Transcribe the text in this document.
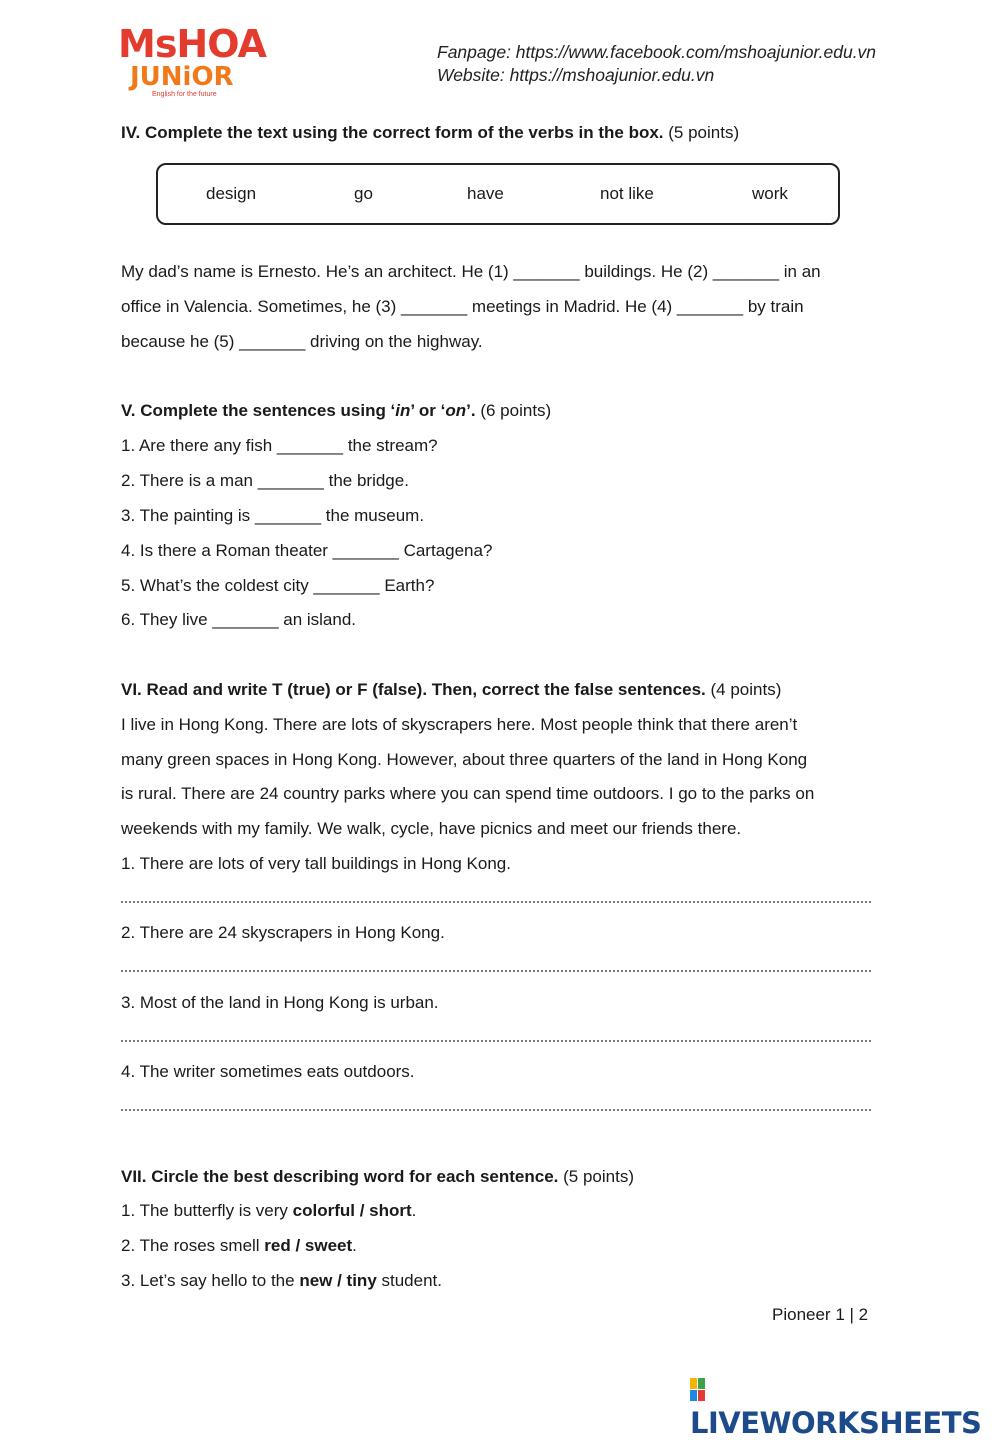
MsHOA
JUNiOR
English for the future
Fanpage: https://www.facebook.com/mshoajunior.edu.vn
Website: https://mshoajunior.edu.vn
IV. Complete the text using the correct form of the verbs in the box. (5 points)
design	go	have	not like	work
My dad’s name is Ernesto. He’s an architect. He (1) _______ buildings. He (2) _______ in an
office in Valencia. Sometimes, he (3) _______ meetings in Madrid. He (4) _______ by train
because he (5) _______ driving on the highway.
V. Complete the sentences using ‘in’ or ‘on’. (6 points)
1. Are there any fish _______ the stream?
2. There is a man _______ the bridge.
3. The painting is _______ the museum.
4. Is there a Roman theater _______ Cartagena?
5. What’s the coldest city _______ Earth?
6. They live _______ an island.
VI. Read and write T (true) or F (false). Then, correct the false sentences. (4 points)
I live in Hong Kong. There are lots of skyscrapers here. Most people think that there aren’t
many green spaces in Hong Kong. However, about three quarters of the land in Hong Kong
is rural. There are 24 country parks where you can spend time outdoors. I go to the parks on
weekends with my family. We walk, cycle, have picnics and meet our friends there.
1. There are lots of very tall buildings in Hong Kong.
2. There are 24 skyscrapers in Hong Kong.
3. Most of the land in Hong Kong is urban.
4. The writer sometimes eats outdoors.
VII. Circle the best describing word for each sentence. (5 points)
1. The butterfly is very colorful / short.
2. The roses smell red / sweet.
3. Let’s say hello to the new / tiny student.
Pioneer 1 | 2
LIVEWORKSHEETS
